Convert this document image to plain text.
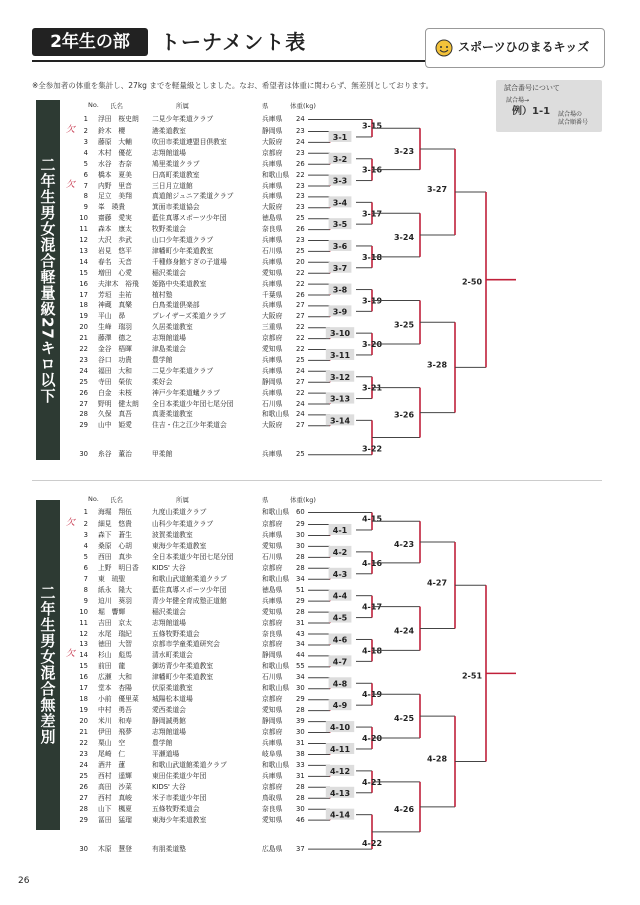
2年生の部	トーナメント表	スポーツひのまるキッズ
※全参加者の体重を集計し、27kg までを軽量級としました。なお、希望者は体重に関わらず、無差別としております。	試合番号について
試合場→
例）1-1 試合場の
試合順番号
二年生男女混合軽量級27キロ以下
二年生男女混合無差別
No. 氏名	所属	県	体重(kg)
1 浮田　桜史朗 二見少年柔道クラブ	兵庫県 24
2 鈴木　櫻	港柔道教室	静岡県 23
欠
3 藤原　大輔	吹田市柔道連盟目倶教室	大阪府 24
4 木村　優花	志翔館道場	京都府 23
5 水谷　杏奈	鳩里柔道クラブ	兵庫県 26
6 橋本　夏美	日高町柔道教室	和歌山県 22
7 内野　里音	三日月立道館	兵庫県 23
欠
8 足立　美翔	真道館ジュニア柔道クラブ	兵庫県 23
9 峯　瑛貴	箕面市柔道協会	大阪府 23
10 齋藤　愛実	藍住真導スポーツ少年団	徳島県 25
11 森本　康太	牧野柔道会	奈良県 26
12 大沢　歩武	山口少年柔道クラブ	兵庫県 23
13 岩見　悠平	津幡町少年柔道教室	石川県 25
14 春名　天音	千種修身館すぎの子道場	兵庫県 20
15 増田　心愛	稲沢柔道会	愛知県 22
16 夫津木　裕飛 姫路中央柔道教室	兵庫県 22
17 芳垣　圭祐	植村塾	千葉県 26
18 神蔵　真樂	白鳥柔道倶楽部	兵庫県 27
19 平山　昴	プレイザーズ柔道クラブ	大阪府 27
20 生峰　瑞羽	久居柔道教室	三重県 22
21 藤澤　德之	志翔館道場	京都府 22
22 金谷　梧暉	津島柔道会	愛知県 22
23 谷口　功貴	豊学館	兵庫県 25
24 福田　大和	二見少年柔道クラブ	兵庫県 24
25 寺田　榮依	柔好会	静岡県 27
26 白金　未桜	神戸少年柔道蟻クラブ	兵庫県 22
27 野明　健太朗 全日本柔道少年団七尾分団	石川県 24
28 久保　真吾	真妻柔道教室	和歌山県 24
29 山中　姫愛	住吉・住之江少年柔道会	大阪府 27
30 糸谷　董治	甲柔館	兵庫県 25
No. 氏名	所属	県	体重(kg)
1 海堀　翔伍	九度山柔道クラブ	和歌山県 60
2 細見　悠貴	山科少年柔道クラブ	京都府 29
欠
3 森下　蒼生	波賀柔道教室	兵庫県 30
4 桑原　心胡	東海少年柔道教室	愛知県 30
5 西田　真歩	全日本柔道少年団七尾分団	石川県 28
6 上野　明日香 KIDS' 大谷	京都府 28
7 東　琉聖	和歌山武道館柔道クラブ	和歌山県 34
8 紙永　隆大	藍住真導スポーツ少年団	徳島県 51
9 迫川　葵羽	青少年健全育成塾正道館	兵庫県 29
10 堀　響輝	稲沢柔道会	愛知県 28
11 吉田　京太	志翔館道場	京都府 31
12 水尾　瑞紀	五條牧野柔道会	奈良県 43
13 徳田　大智	京都市学童柔道研究会	京都府 34
14 杉山　彪馬	清水町柔道会	静岡県 44
欠
15 前田　龍	御坊青少年柔道教室	和歌山県 55
16 広瀬　大和	津幡町少年柔道教室	石川県 34
17 堂本　杏陽	伏原柔道教室	和歌山県 30
18 小前　優里菜 城陽松本道場	京都府 29
19 中村　勇吾	愛西柔道会	愛知県 28
20 米川　和寿	静岡誠勇館	静岡県 39
21 伊田　飛夢	志翔館道場	京都府 30
22 栗山　空	豊学館	兵庫県 31
23 尾崎　仁	平瀬道場	岐阜県 38
24 酒井　蓮	和歌山武道館柔道クラブ	和歌山県 33
25 西村　遥輝	東田住柔道少年団	兵庫県 31
26 高田　沙菜	KIDS' 大谷	京都府 28
27 西村　真峻	米子市柔道少年団	鳥取県 28
28 山下　楓夏	五條牧野柔道会	奈良県 30
29 冨田　猛瑠	東海少年柔道教室	愛知県 46
30 木原　慧登	有朋柔道塾	広島県 37
3-1
3-2
3-3
3-4
3-5
3-6
3-7
3-8
3-9
3-10
3-11
3-12
3-13
3-14
3-15
3-16
3-17
3-18
3-19
3-20
3-21
3-22
3-23
3-24
3-25
3-26
3-27
3-28
2-50
4-1
4-2
4-3
4-4
4-5
4-6
4-7
4-8
4-9
4-10
4-11
4-12
4-13
4-14
4-15
4-16
4-17
4-18
4-19
4-20
4-21
4-22
4-23
4-24
4-25
4-26
4-27
4-28
2-51
26
